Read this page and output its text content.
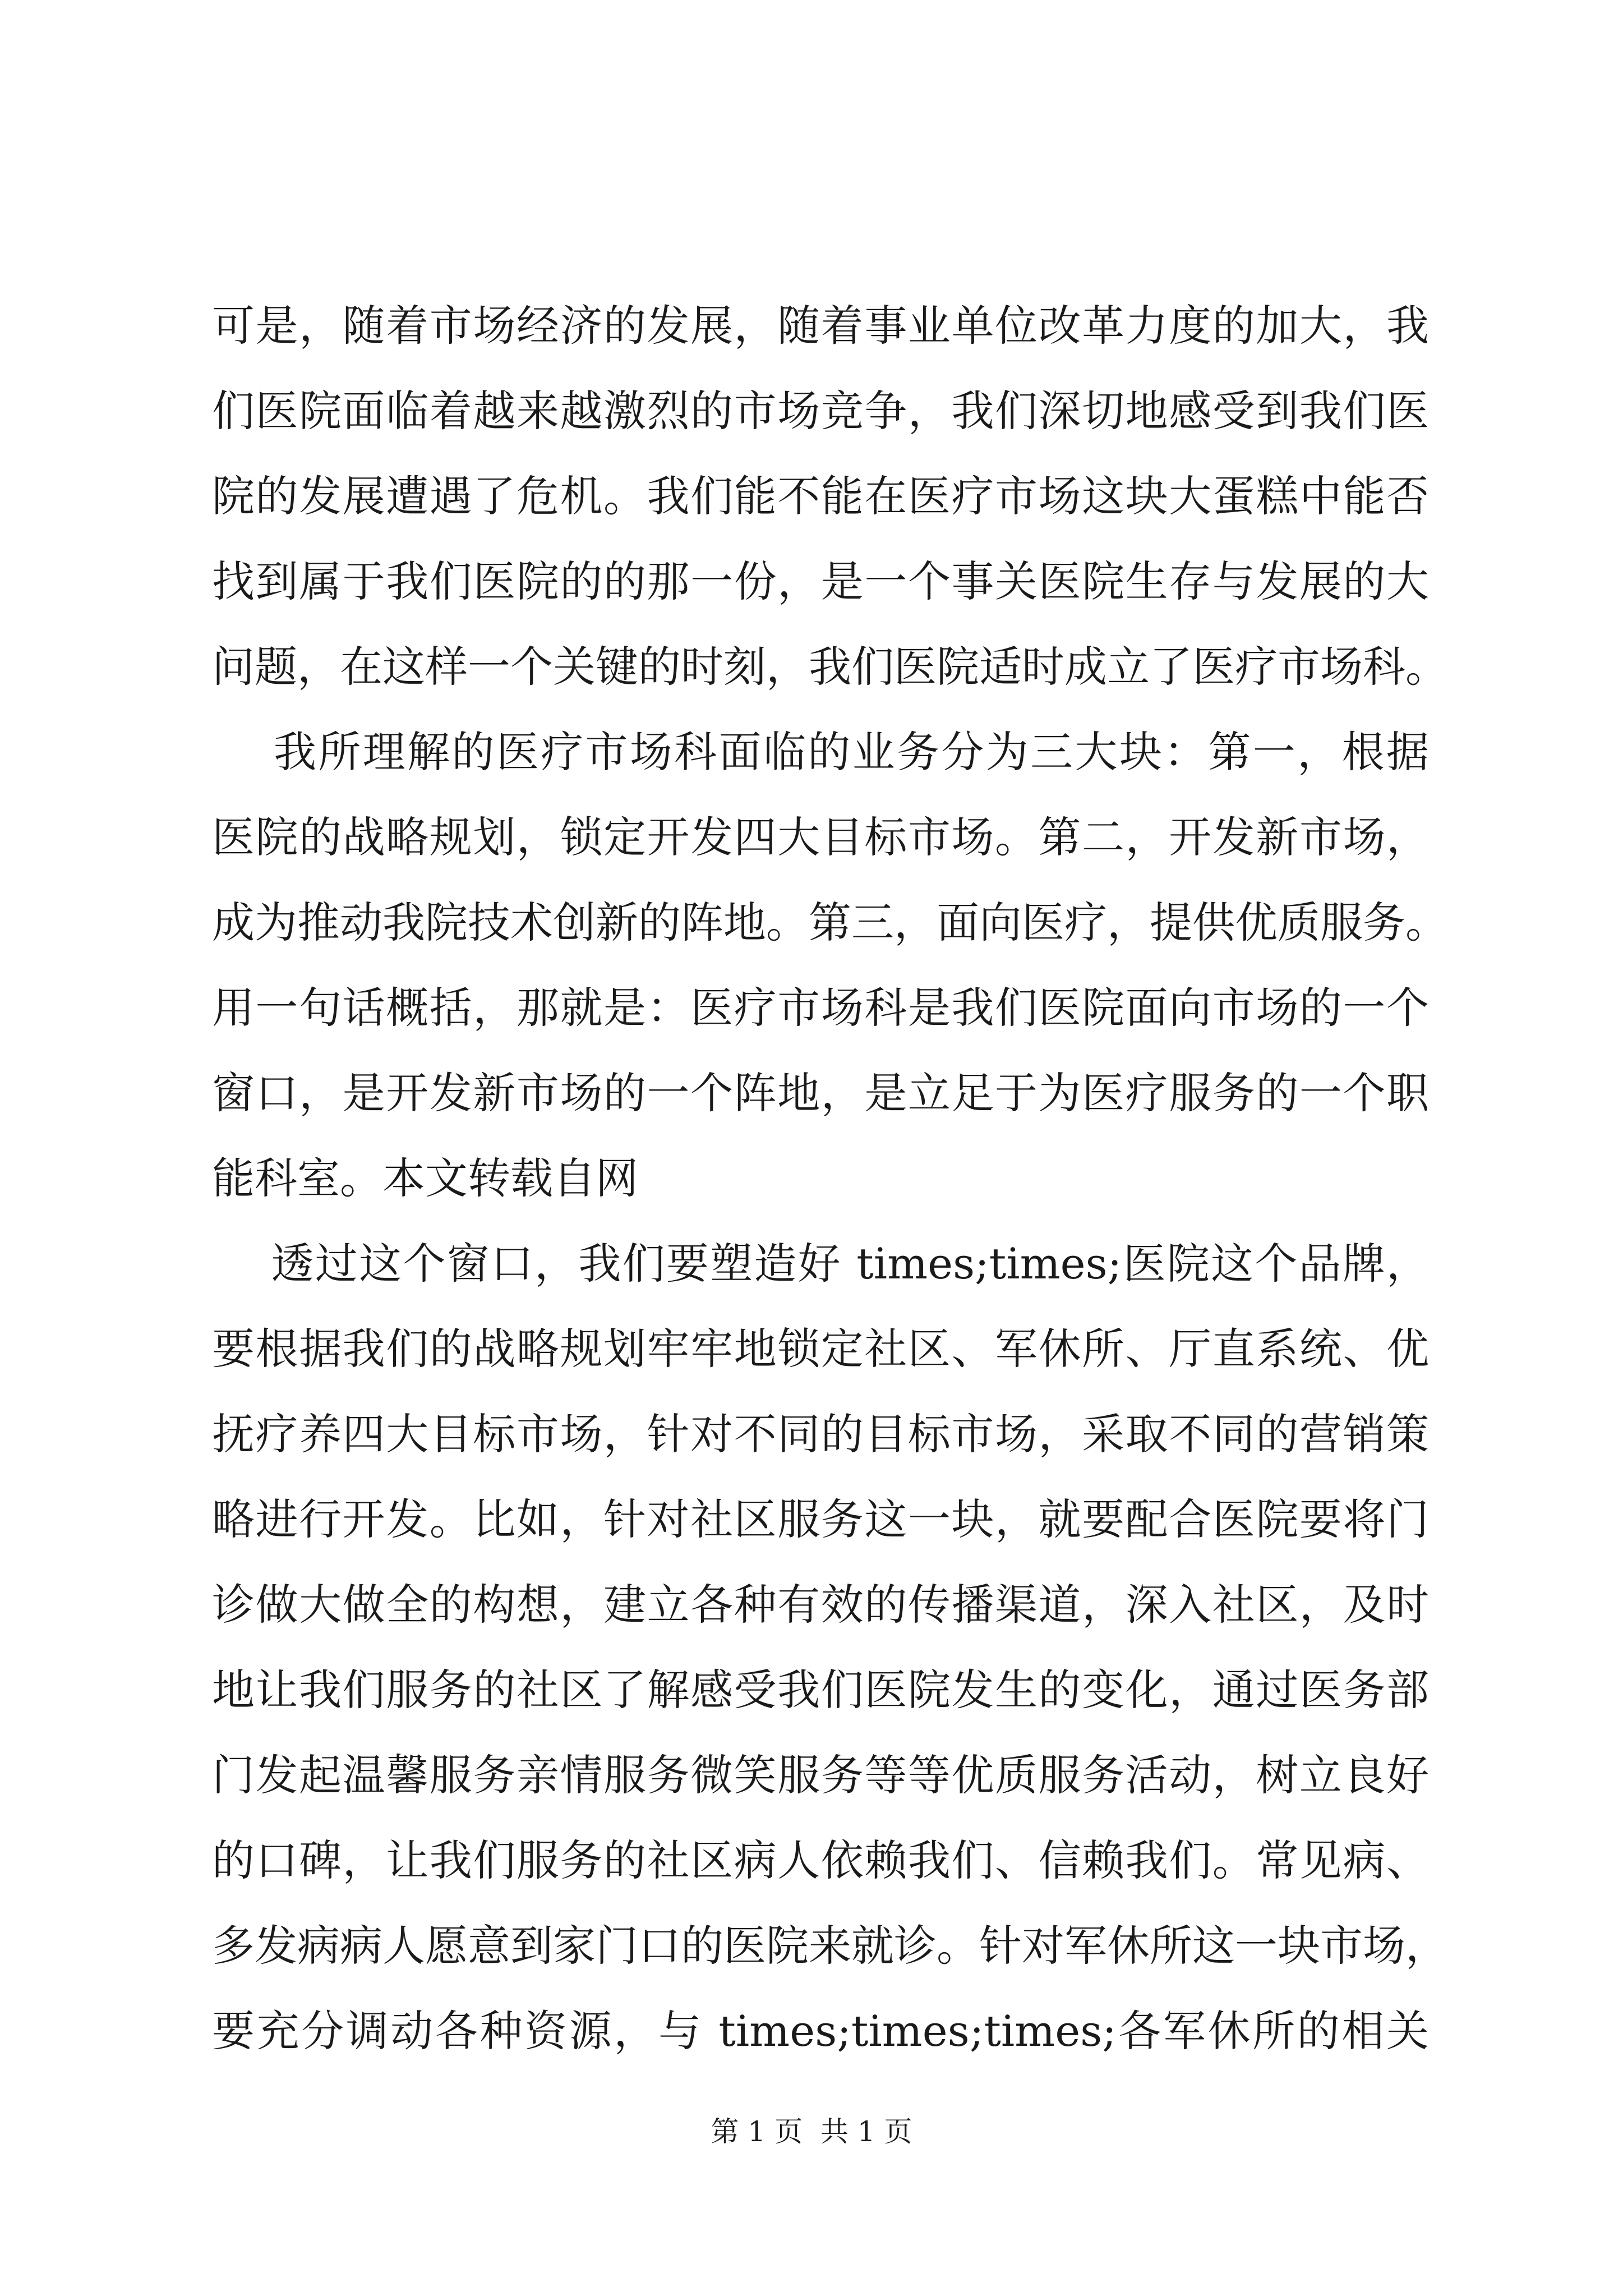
可是，随着市场经济的发展，随着事业单位改革力度的加大，我
们医院面临着越来越激烈的市场竞争，我们深切地感受到我们医
院的发展遭遇了危机。我们能不能在医疗市场这块大蛋糕中能否
找到属于我们医院的的那一份，是一个事关医院生存与发展的大
问题，在这样一个关键的时刻，我们医院适时成立了医疗市场科。
我所理解的医疗市场科面临的业务分为三大块：第一，根据
医院的战略规划，锁定开发四大目标市场。第二，开发新市场，
成为推动我院技术创新的阵地。第三，面向医疗，提供优质服务。
用一句话概括，那就是：医疗市场科是我们医院面向市场的一个
窗口，是开发新市场的一个阵地，是立足于为医疗服务的一个职
能科室。本文转载自网
透过这个窗口，我们要塑造好 times;times;医院这个品牌，
要根据我们的战略规划牢牢地锁定社区、军休所、厅直系统、优
抚疗养四大目标市场，针对不同的目标市场，采取不同的营销策
略进行开发。比如，针对社区服务这一块，就要配合医院要将门
诊做大做全的构想，建立各种有效的传播渠道，深入社区，及时
地让我们服务的社区了解感受我们医院发生的变化，通过医务部
门发起温馨服务亲情服务微笑服务等等优质服务活动，树立良好
的口碑，让我们服务的社区病人依赖我们、信赖我们。常见病、
多发病病人愿意到家门口的医院来就诊。针对军休所这一块市场，
要充分调动各种资源，与 times;times;times;各军休所的相关
第 1 页  共 1 页
